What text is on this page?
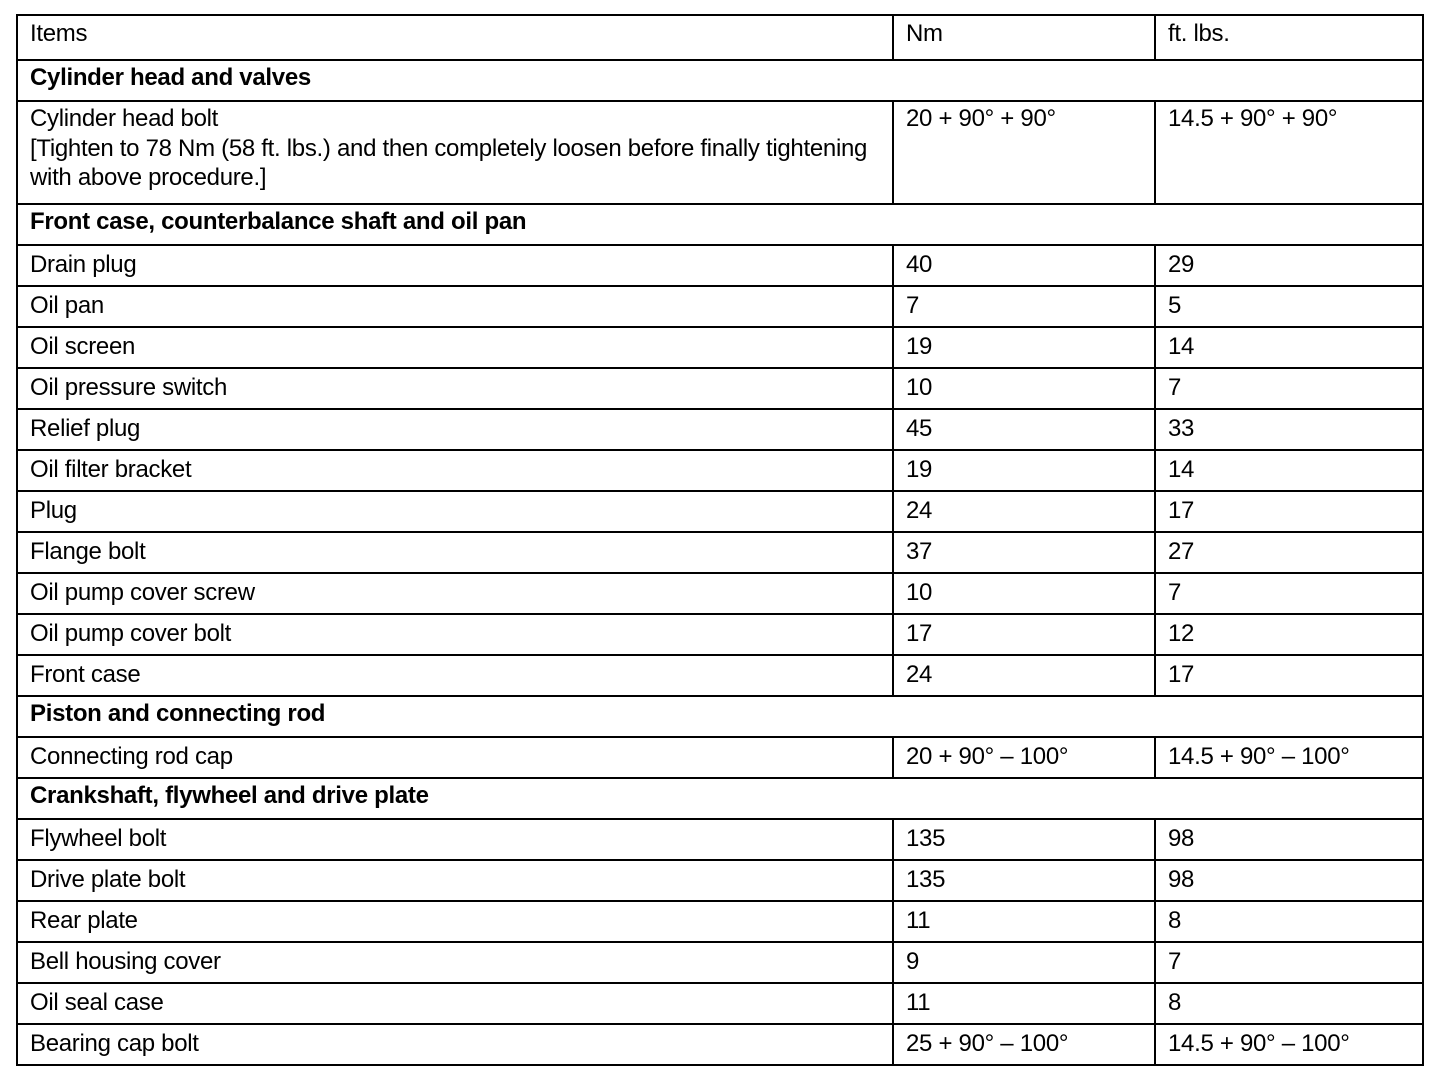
Items	Nm	ft. lbs.
Cylinder head and valves		
Cylinder head bolt
[Tighten to 78 Nm (58 ft. lbs.) and then completely loosen before finally tightening with above procedure.]	20 + 90° + 90°	14.5 + 90° + 90°
Front case, counterbalance shaft and oil pan		
Drain plug	40	29
Oil pan	7	5
Oil screen	19	14
Oil pressure switch	10	7
Relief plug	45	33
Oil filter bracket	19	14
Plug	24	17
Flange bolt	37	27
Oil pump cover screw	10	7
Oil pump cover bolt	17	12
Front case	24	17
Piston and connecting rod		
Connecting rod cap	20 + 90° – 100°	14.5 + 90° – 100°
Crankshaft, flywheel and drive plate		
Flywheel bolt	135	98
Drive plate bolt	135	98
Rear plate	11	8
Bell housing cover	9	7
Oil seal case	11	8
Bearing cap bolt	25 + 90° – 100°	14.5 + 90° – 100°
